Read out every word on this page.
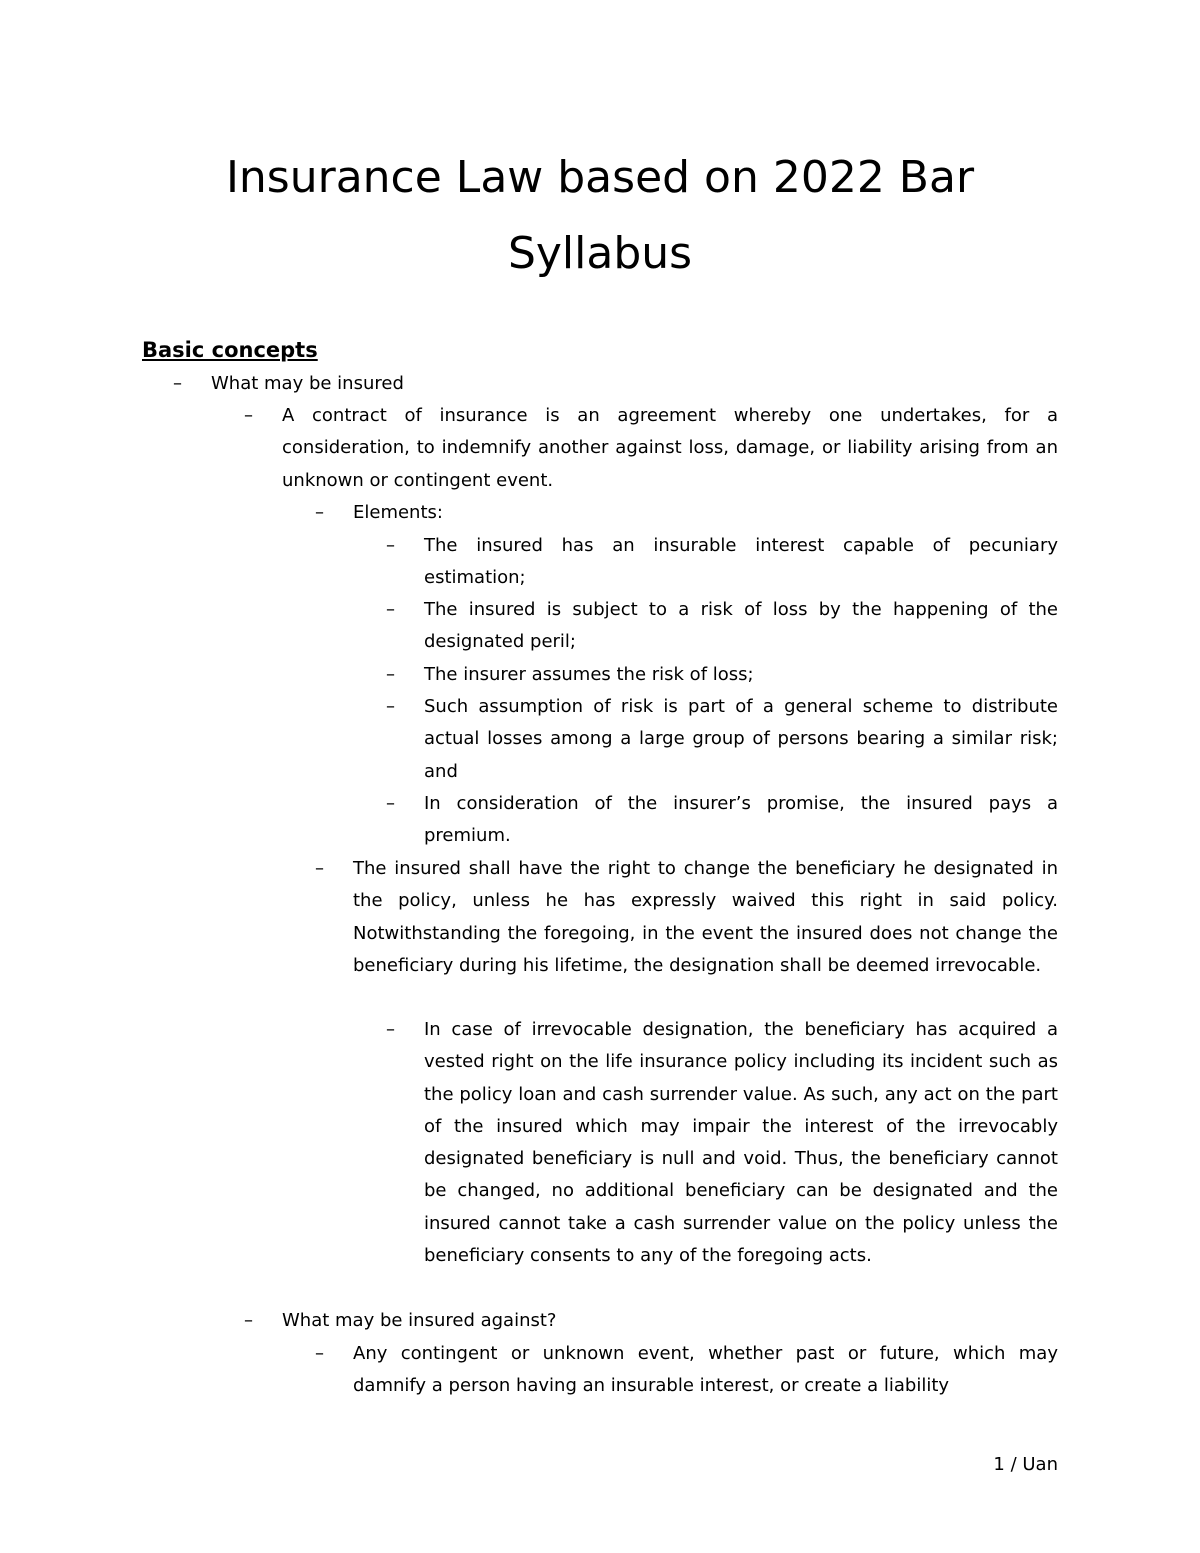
Insurance Law based on 2022 Bar
Syllabus
Basic concepts
– What may be insured
– A contract of insurance is an agreement whereby one undertakes, for a consideration, to indemnify another against loss, damage, or liability arising from an unknown or contingent event.
– Elements:
– The insured has an insurable interest capable of pecuniary estimation;
– The insured is subject to a risk of loss by the happening of the designated peril;
– The insurer assumes the risk of loss;
– Such assumption of risk is part of a general scheme to distribute actual losses among a large group of persons bearing a similar risk; and
– In consideration of the insurer’s promise, the insured pays a premium.
– The insured shall have the right to change the beneficiary he designated in the policy, unless he has expressly waived this right in said policy. Notwithstanding the foregoing, in the event the insured does not change the beneficiary during his lifetime, the designation shall be deemed irrevocable.
– In case of irrevocable designation, the beneficiary has acquired a vested right on the life insurance policy including its incident such as the policy loan and cash surrender value. As such, any act on the part of the insured which may impair the interest of the irrevocably designated beneficiary is null and void. Thus, the beneficiary cannot be changed, no additional beneficiary can be designated and the insured cannot take a cash surrender value on the policy unless the beneficiary consents to any of the foregoing acts.
– What may be insured against?
– Any contingent or unknown event, whether past or future, which may damnify a person having an insurable interest, or create a liability
1 / Uan
